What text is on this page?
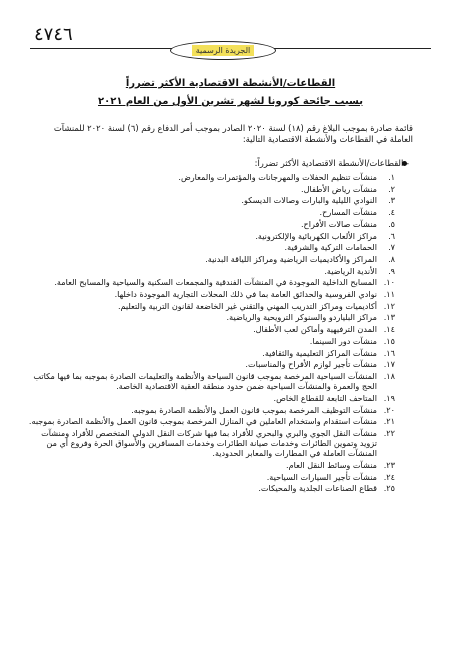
٤٧٤٦
الجريدة الرسمية
القطاعات/الأنشطة الاقتصادية الأكثر تضرراً
بسبب جائحة كورونا لشهر تشرين الأول من العام ٢٠٢١
قائمة صادرة بموجب البلاغ رقم (١٨) لسنة ٢٠٢٠ الصادر بموجب أمر الدفاع رقم (٦) لسنة ٢٠٢٠ للمنشآت العاملة في القطاعات والأنشطة الاقتصادية التالية:
- القطاعات/الأنشطة الاقتصادية الأكثر تضرراً:
١.
منشآت تنظيم الحفلات والمهرجانات والمؤتمرات والمعارض.
٢.
منشآت رياض الأطفال.
٣.
النوادي الليلية والبارات وصالات الديسكو.
٤.
منشآت المسارح.
٥.
منشآت صالات الأفراح.
٦.
مراكز الألعاب الكهربائية والإلكترونية.
٧.
الحمامات التركية والشرقية.
٨.
المراكز والأكاديميات الرياضية ومراكز اللياقة البدنية.
٩.
الأندية الرياضية.
١٠.
المسابح الداخلية الموجودة في المنشآت الفندقية والمجمعات السكنية والسياحية والمسابح العامة.
١١.
نوادي الفروسية والحدائق العامة بما في ذلك المحلات التجارية الموجودة داخلها.
١٢.
أكاديميات ومراكز التدريب المهني والتقني غير الخاضعة لقانون التربية والتعليم.
١٣.
مراكز البلياردو والسنوكر الترويحية والرياضية.
١٤.
المدن الترفيهية وأماكن لعب الأطفال.
١٥.
منشآت دور السينما.
١٦.
منشآت المراكز التعليمية والثقافية.
١٧.
منشآت تأجير لوازم الأفراح والمناسبات.
١٨.
المنشآت السياحية المرخصة بموجب قانون السياحة والأنظمة والتعليمات الصادرة بموجبه بما فيها مكاتب الحج والعمرة والمنشآت السياحية ضمن حدود منطقة العقبة الاقتصادية الخاصة.
١٩.
المتاحف التابعة للقطاع الخاص.
٢٠.
منشآت التوظيف المرخصة بموجب قانون العمل والأنظمة الصادرة بموجبه.
٢١.
منشآت استقدام واستخدام العاملين في المنازل المرخصة بموجب قانون العمل والأنظمة الصادرة بموجبه.
٢٢.
منشآت النقل الجوي والبري والبحري للأفراد بما فيها شركات النقل الدولي المتخصص للأفراد ومنشآت تزويد وتموين الطائرات وخدمات صيانة الطائرات وخدمات المسافرين والأسواق الحرة وفروع أي من المنشآت العاملة في المطارات والمعابر الحدودية.
٢٣.
منشآت وسائط النقل العام.
٢٤.
منشآت تأجير السيارات السياحية.
٢٥.
قطاع الصناعات الجلدية والمحيكات.
